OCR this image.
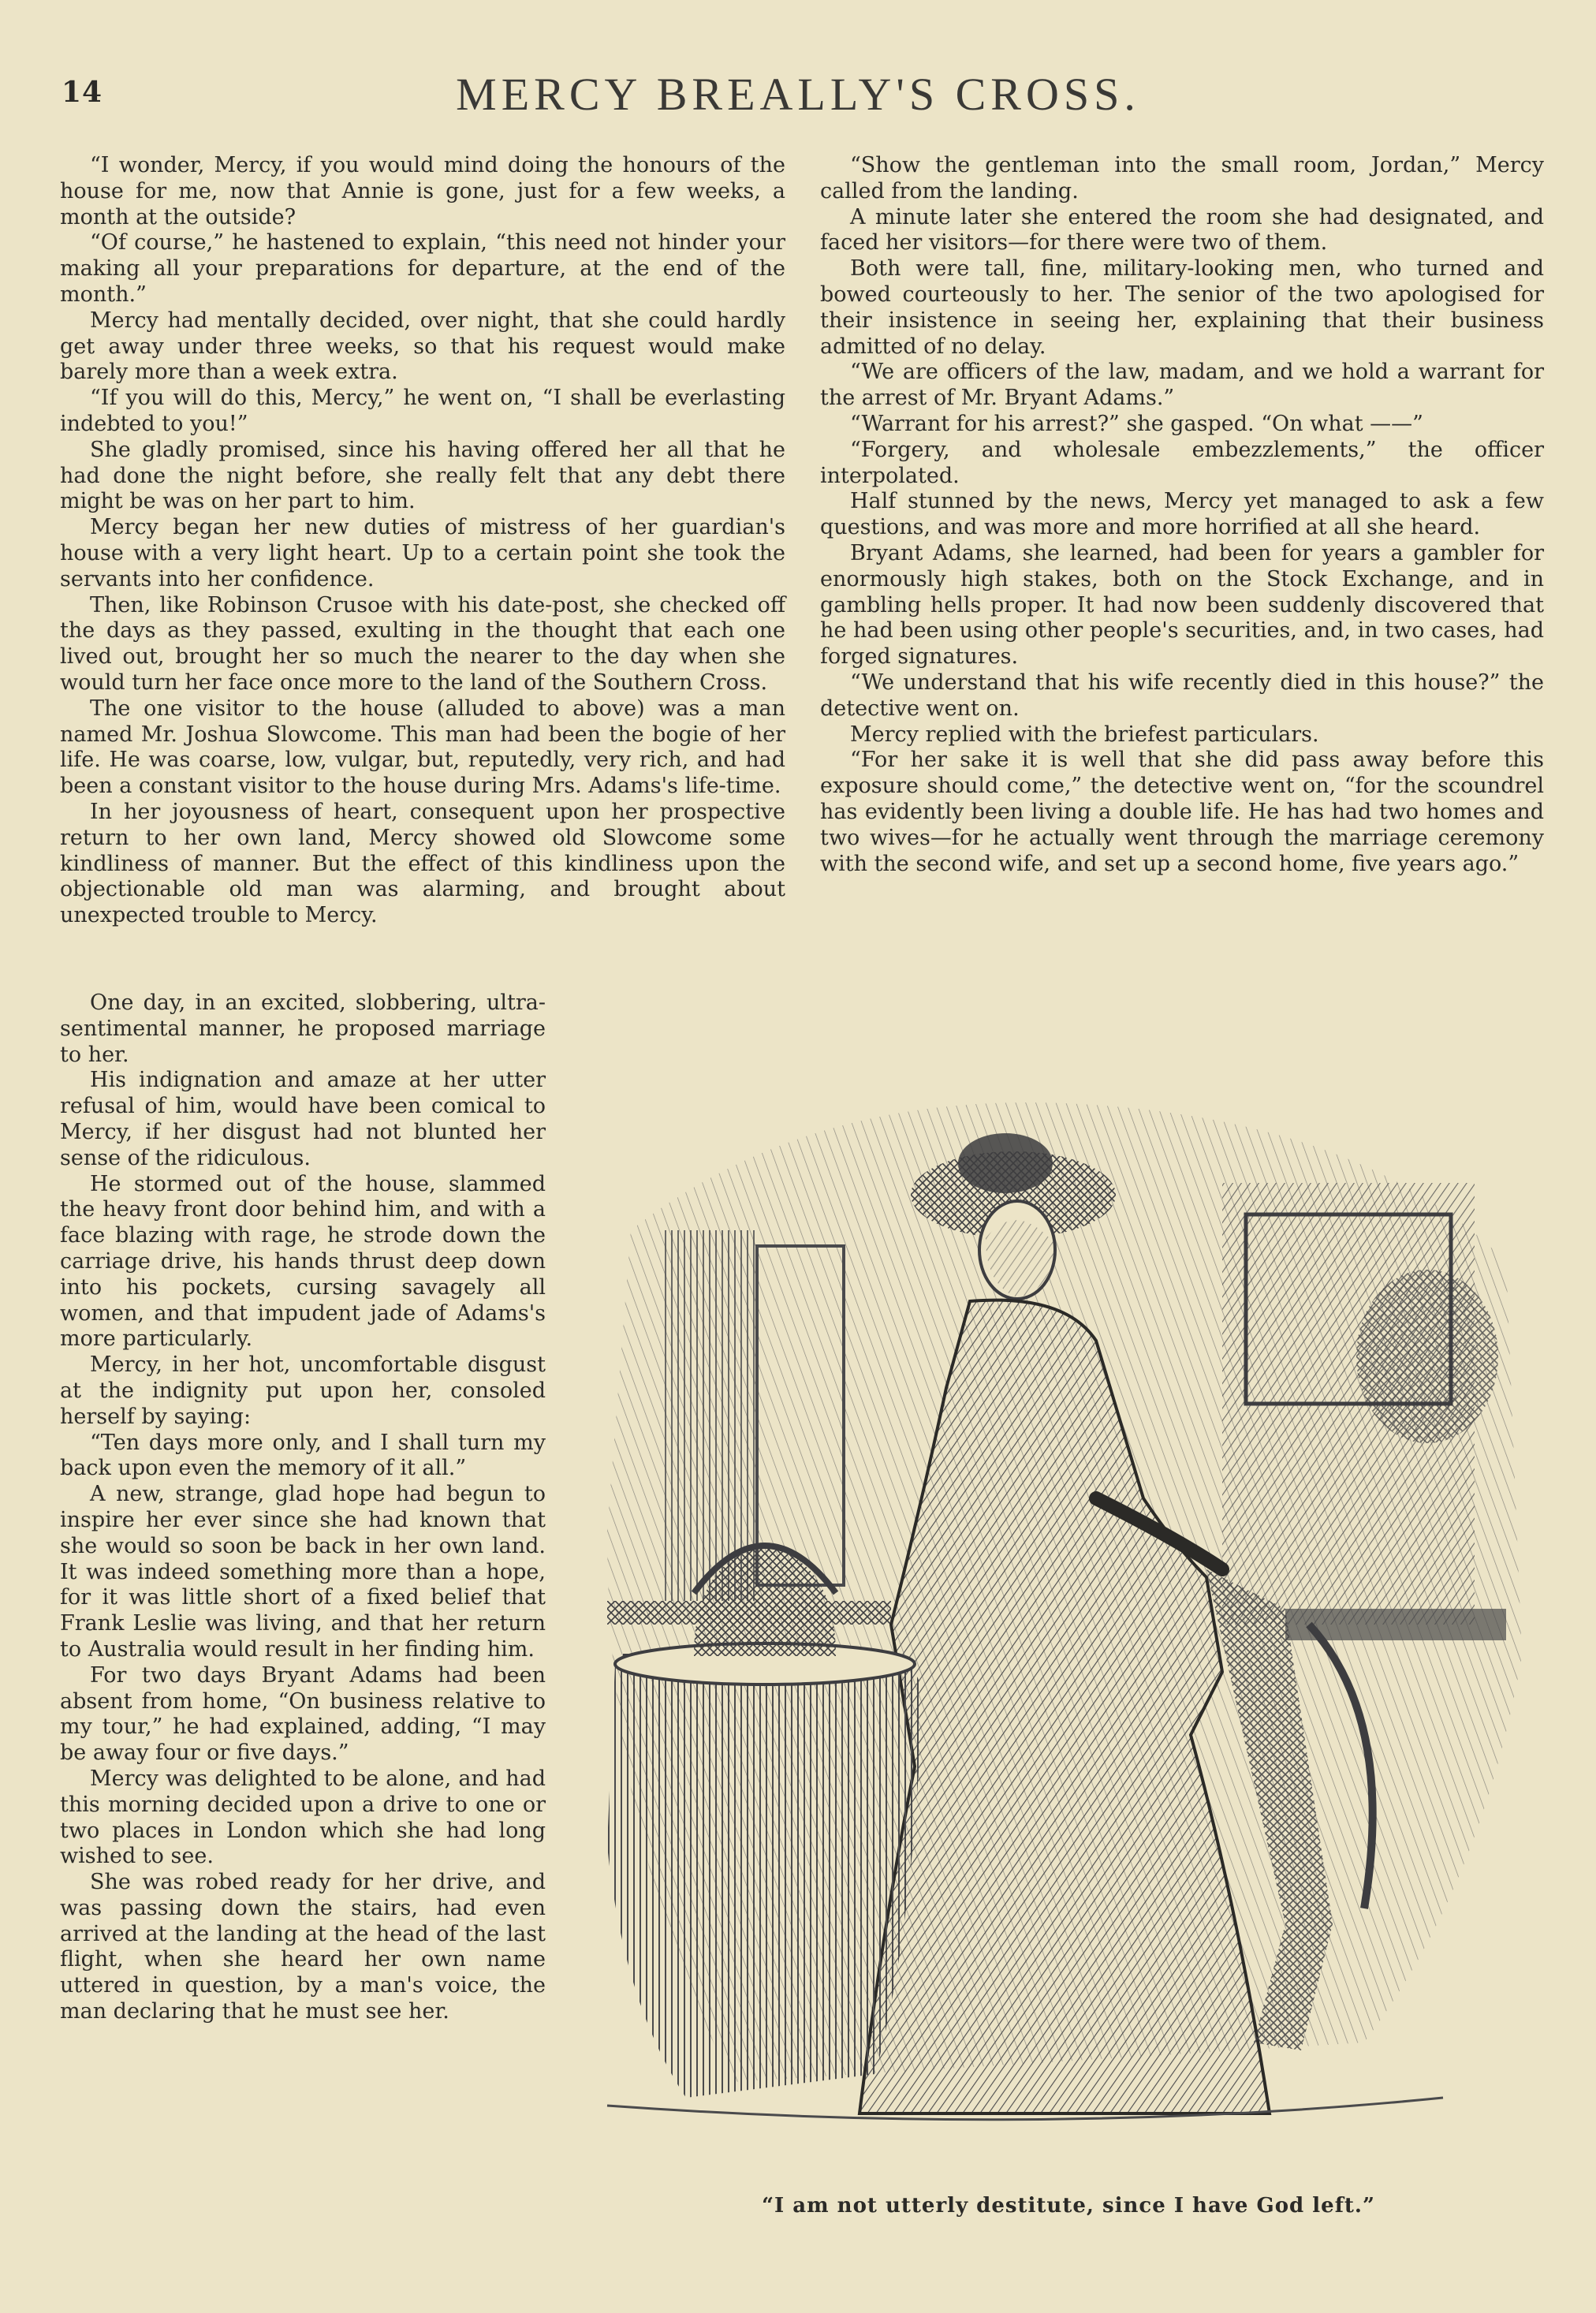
14	MERCY BREALLY'S CROSS.

“I wonder, Mercy, if you would mind doing the honours of the house for me, now that Annie is gone, just for a few weeks, a month at the outside?

“Of course,” he hastened to explain, “this need not hinder your making all your preparations for departure, at the end of the month.”

Mercy had mentally decided, over night, that she could hardly get away under three weeks, so that his request would make barely more than a week extra.

“If you will do this, Mercy,” he went on, “I shall be everlasting indebted to you!”

She gladly promised, since his having offered her all that he had done the night before, she really felt that any debt there might be was on her part to him.

Mercy began her new duties of mistress of her guardian's house with a very light heart. Up to a certain point she took the servants into her confidence.

Then, like Robinson Crusoe with his date-post, she checked off the days as they passed, exulting in the thought that each one lived out, brought her so much the nearer to the day when she would turn her face once more to the land of the Southern Cross.

The one visitor to the house (alluded to above) was a man named Mr. Joshua Slowcome. This man had been the bogie of her life. He was coarse, low, vulgar, but, reputedly, very rich, and had been a constant visitor to the house during Mrs. Adams's life-time.

In her joyousness of heart, consequent upon her prospective return to her own land, Mercy showed old Slowcome some kindliness of manner. But the effect of this kindliness upon the objectionable old man was alarming, and brought about unexpected trouble to Mercy.

One day, in an excited, slobbering, ultra-sentimental manner, he proposed marriage to her.

His indignation and amaze at her utter refusal of him, would have been comical to Mercy, if her disgust had not blunted her sense of the ridiculous.

He stormed out of the house, slammed the heavy front door behind him, and with a face blazing with rage, he strode down the carriage drive, his hands thrust deep down into his pockets, cursing savagely all women, and that impudent jade of Adams's more particularly.

Mercy, in her hot, uncomfortable disgust at the indignity put upon her, consoled herself by saying:

“Ten days more only, and I shall turn my back upon even the memory of it all.”

A new, strange, glad hope had begun to inspire her ever since she had known that she would so soon be back in her own land. It was indeed something more than a hope, for it was little short of a fixed belief that Frank Leslie was living, and that her return to Australia would result in her finding him.

For two days Bryant Adams had been absent from home, “On business relative to my tour,” he had explained, adding, “I may be away four or five days.”

Mercy was delighted to be alone, and had this morning decided upon a drive to one or two places in London which she had long wished to see.

She was robed ready for her drive, and was passing down the stairs, had even arrived at the landing at the head of the last flight, when she heard her own name uttered in question, by a man's voice, the man declaring that he must see her.

“Show the gentleman into the small room, Jordan,” Mercy called from the landing.

A minute later she entered the room she had designated, and faced her visitors—for there were two of them.

Both were tall, fine, military-looking men, who turned and bowed courteously to her. The senior of the two apologised for their insistence in seeing her, explaining that their business admitted of no delay.

“We are officers of the law, madam, and we hold a warrant for the arrest of Mr. Bryant Adams.”

“Warrant for his arrest?” she gasped. “On what ——”

“Forgery, and wholesale embezzlements,” the officer interpolated.

Half stunned by the news, Mercy yet managed to ask a few questions, and was more and more horrified at all she heard.

Bryant Adams, she learned, had been for years a gambler for enormously high stakes, both on the Stock Exchange, and in gambling hells proper. It had now been suddenly discovered that he had been using other people's securities, and, in two cases, had forged signatures.

“We understand that his wife recently died in this house?” the detective went on.

Mercy replied with the briefest particulars.

“For her sake it is well that she did pass away before this exposure should come,” the detective went on, “for the scoundrel has evidently been living a double life. He has had two homes and two wives—for he actually went through the marriage ceremony with the second wife, and set up a second home, five years ago.”

“I am not utterly destitute, since I have God left.”
